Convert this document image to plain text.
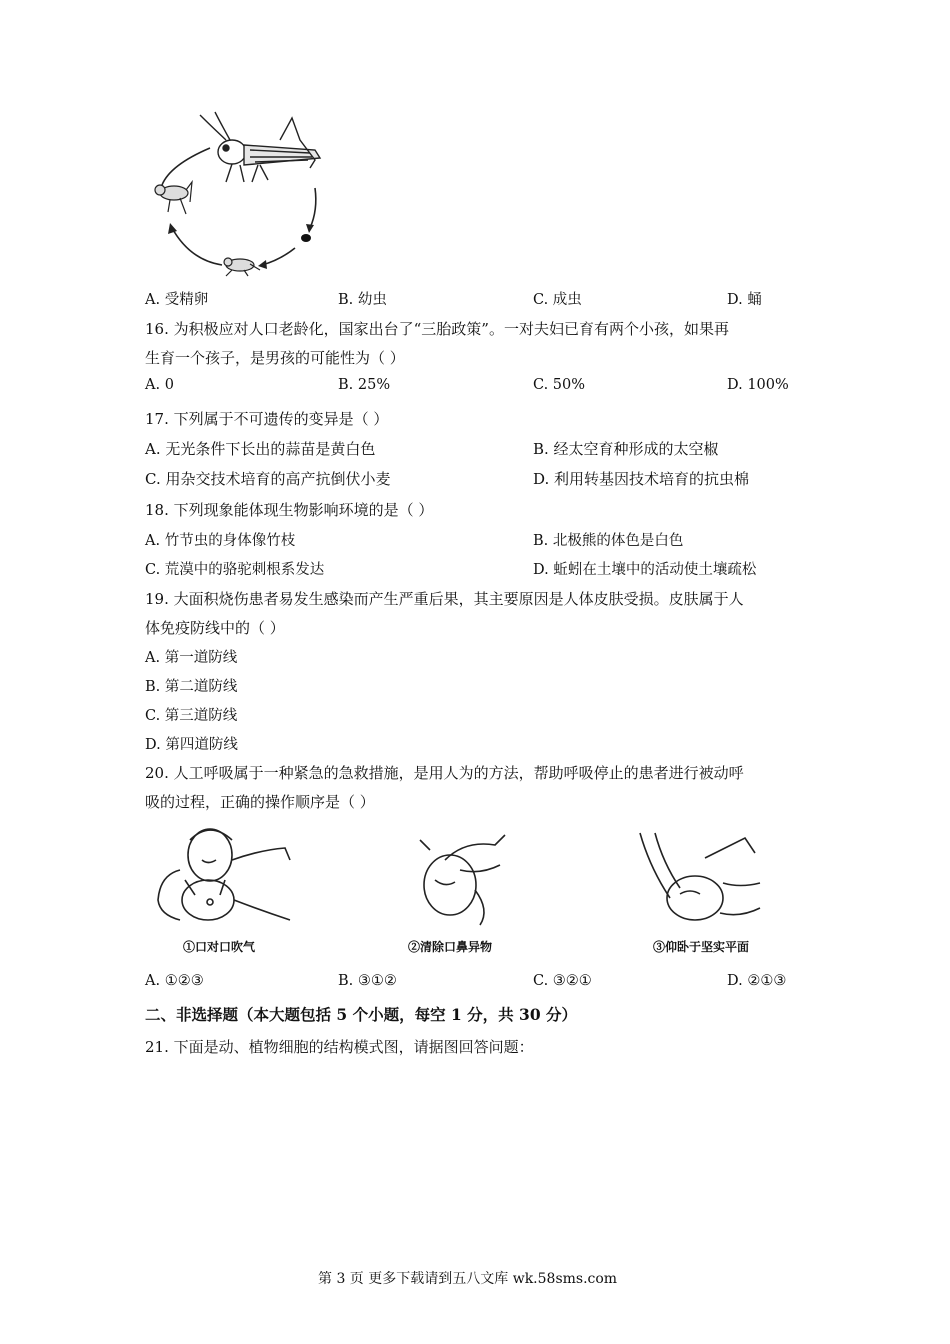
A. 受精卵	B. 幼虫	C. 成虫	D. 蛹
16. 为积极应对人口老龄化，国家出台了“三胎政策”。一对夫妇已育有两个小孩，如果再
生育一个孩子，是男孩的可能性为（ ）
A. 0	B. 25%	C. 50%	D. 100%
17. 下列属于不可遗传的变异是（ ）
A. 无光条件下长出的蒜苗是黄白色	B. 经太空育种形成的太空椒
C. 用杂交技术培育的高产抗倒伏小麦	D. 利用转基因技术培育的抗虫棉
18. 下列现象能体现生物影响环境的是（ ）
A. 竹节虫的身体像竹枝	B. 北极熊的体色是白色
C. 荒漠中的骆驼刺根系发达	D. 蚯蚓在土壤中的活动使土壤疏松
19. 大面积烧伤患者易发生感染而产生严重后果，其主要原因是人体皮肤受损。皮肤属于人
体免疫防线中的（ ）
A. 第一道防线
B. 第二道防线
C. 第三道防线
D. 第四道防线
20. 人工呼吸属于一种紧急的急救措施，是用人为的方法，帮助呼吸停止的患者进行被动呼
吸的过程，正确的操作顺序是（ ）
①口对口吹气	②清除口鼻异物	③仰卧于坚实平面
A. ①②③	B. ③①②	C. ③②①	D. ②①③
二、非选择题（本大题包括 5 个小题，每空 1 分，共 30 分）
21. 下面是动、植物细胞的结构模式图，请据图回答问题：
第 3 页 更多下载请到五八文库 wk.58sms.com
